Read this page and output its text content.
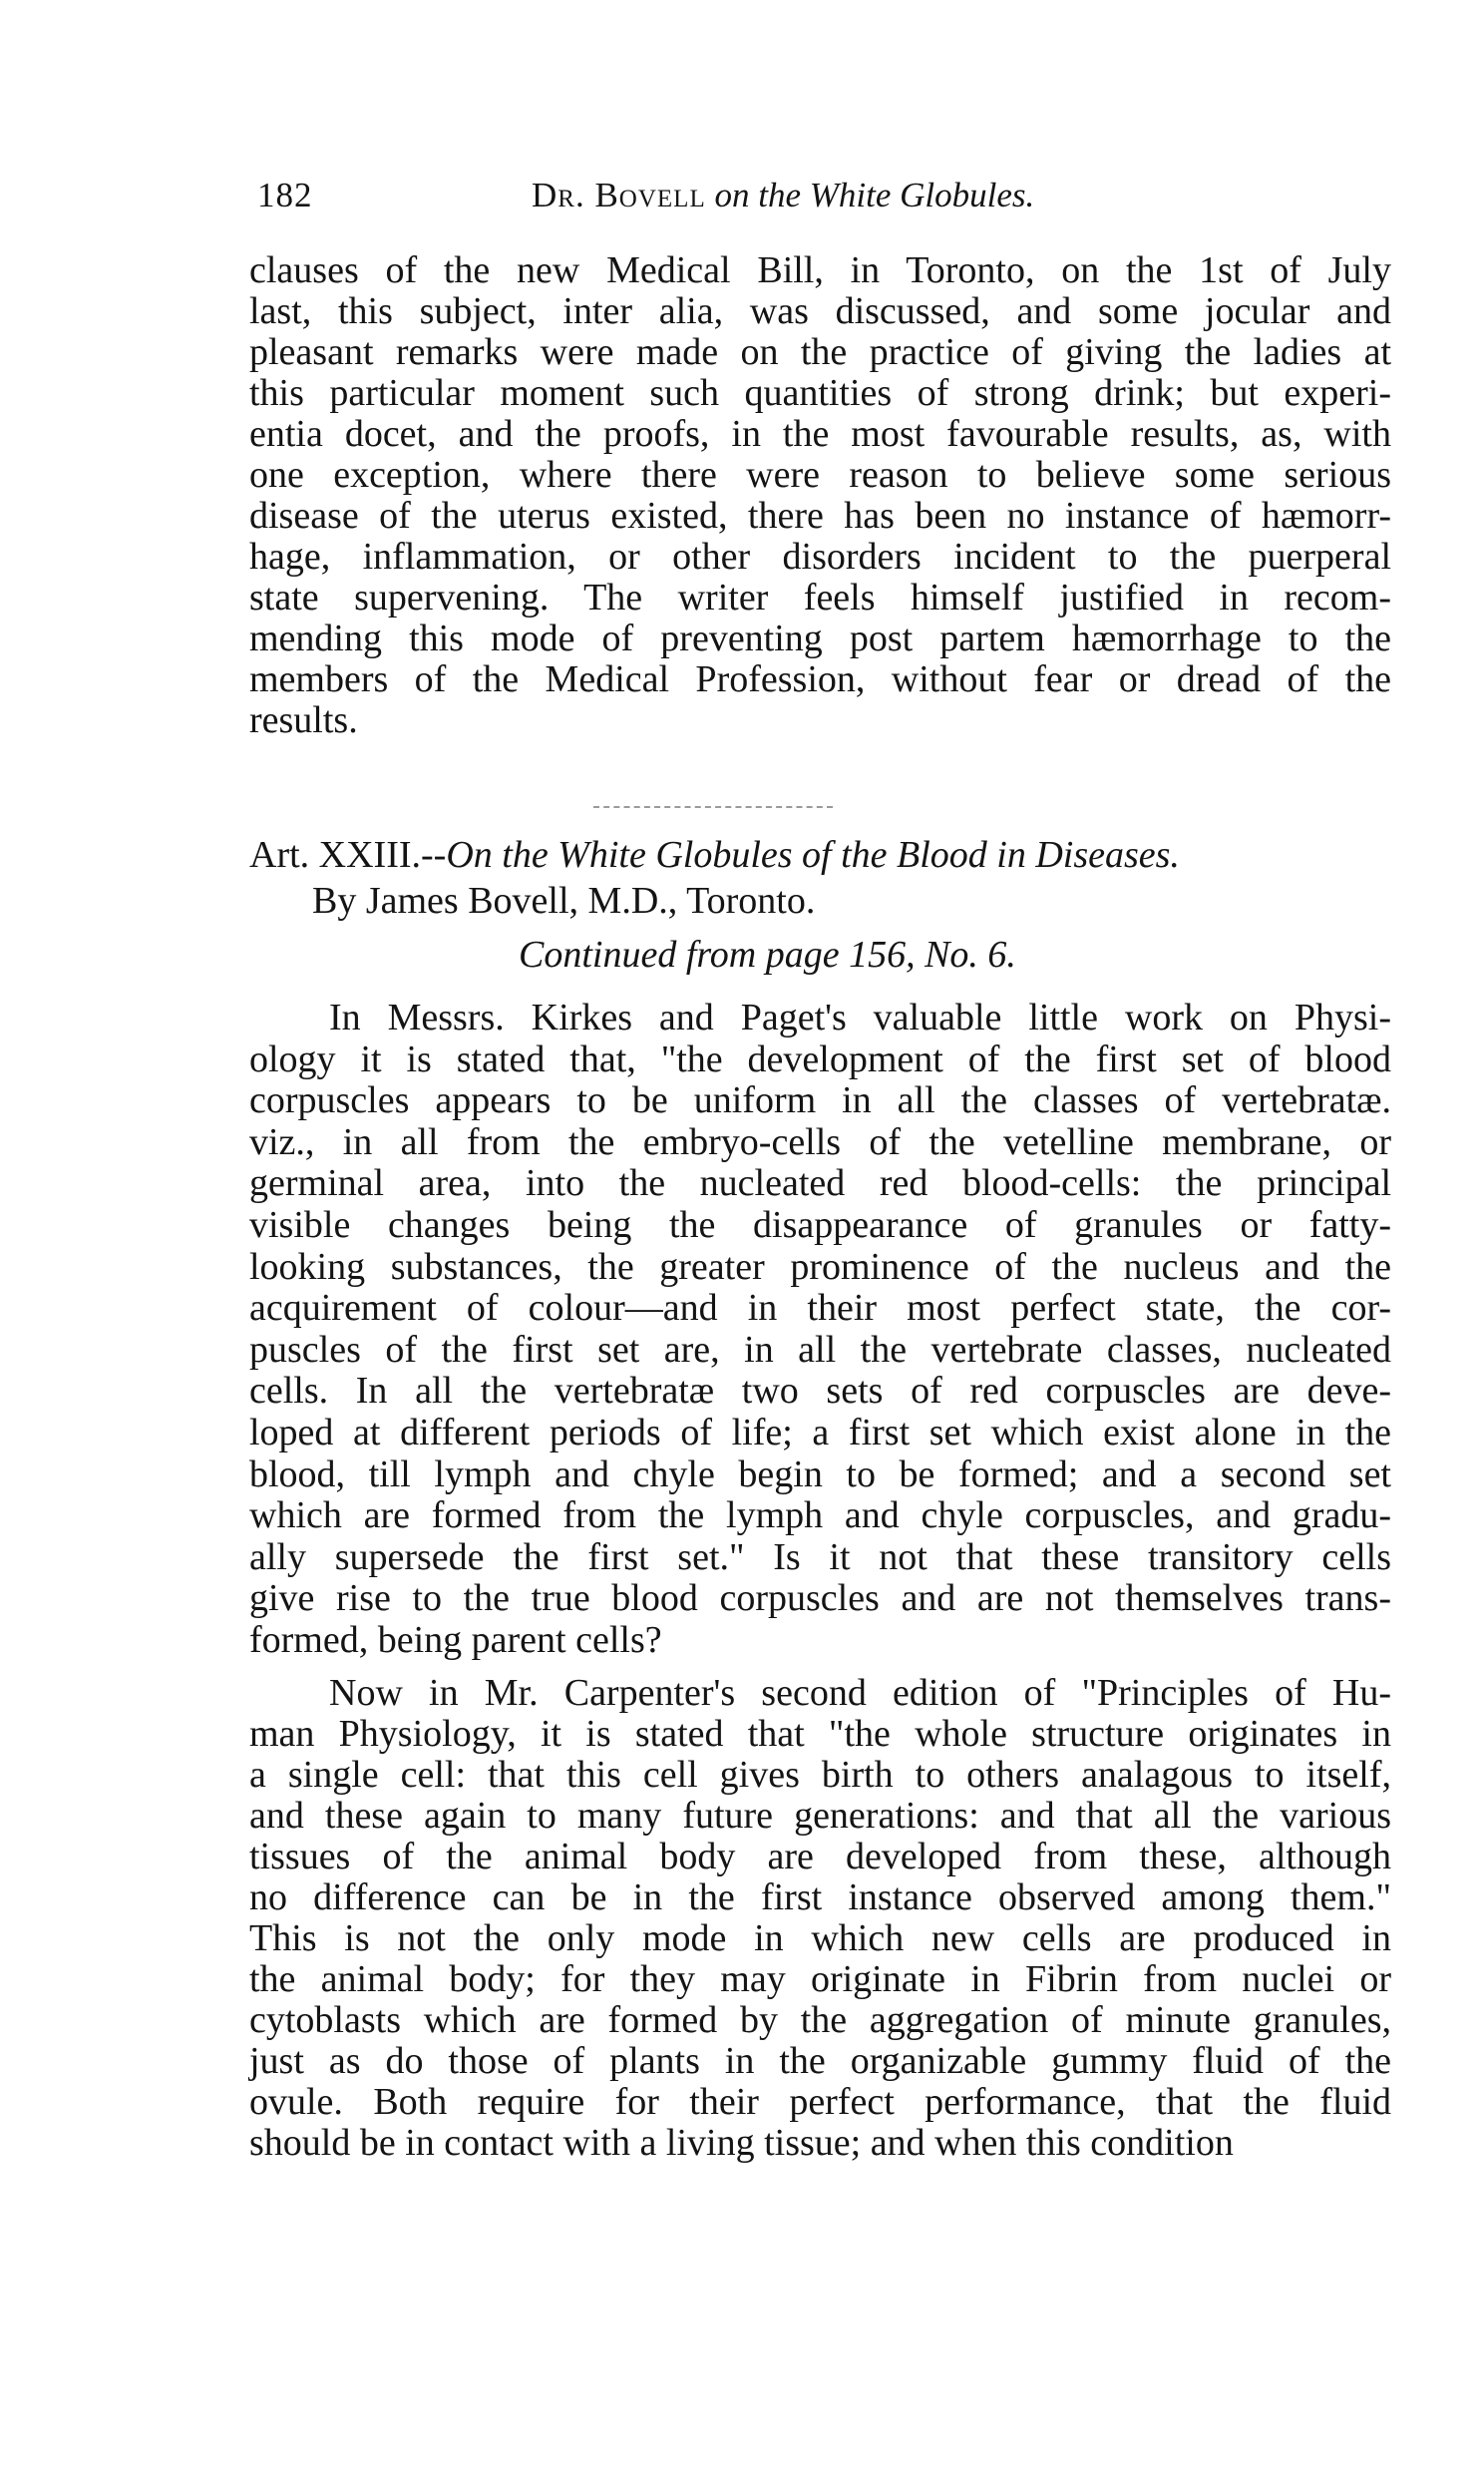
182	Dr. Bovell on the White Globules.
clauses of the new Medical Bill, in Toronto, on the 1st of July
last, this subject, inter alia, was discussed, and some jocular and
pleasant remarks were made on the practice of giving the ladies at
this particular moment such quantities of strong drink; but experi-
entia docet, and the proofs, in the most favourable results, as, with
one exception, where there were reason to believe some serious
disease of the uterus existed, there has been no instance of hæmorr-
hage, inflammation, or other disorders incident to the puerperal
state supervening. The writer feels himself justified in recom-
mending this mode of preventing post partem hæmorrhage to the
members of the Medical Profession, without fear or dread of the
results.
Art. XXIII.--On the White Globules of the Blood in Diseases.
By James Bovell, M.D., Toronto.
Continued from page 156, No. 6.
In Messrs. Kirkes and Paget's valuable little work on Physi-
ology it is stated that, "the development of the first set of blood
corpuscles appears to be uniform in all the classes of vertebratæ.
viz., in all from the embryo-cells of the vetelline membrane, or
germinal area, into the nucleated red blood-cells: the principal
visible changes being the disappearance of granules or fatty-
looking substances, the greater prominence of the nucleus and the
acquirement of colour—and in their most perfect state, the cor-
puscles of the first set are, in all the vertebrate classes, nucleated
cells. In all the vertebratæ two sets of red corpuscles are deve-
loped at different periods of life; a first set which exist alone in the
blood, till lymph and chyle begin to be formed; and a second set
which are formed from the lymph and chyle corpuscles, and gradu-
ally supersede the first set." Is it not that these transitory cells
give rise to the true blood corpuscles and are not themselves trans-
formed, being parent cells?
Now in Mr. Carpenter's second edition of "Principles of Hu-
man Physiology, it is stated that "the whole structure originates in
a single cell: that this cell gives birth to others analagous to itself,
and these again to many future generations: and that all the various
tissues of the animal body are developed from these, although
no difference can be in the first instance observed among them."
This is not the only mode in which new cells are produced in
the animal body; for they may originate in Fibrin from nuclei or
cytoblasts which are formed by the aggregation of minute granules,
just as do those of plants in the organizable gummy fluid of the
ovule. Both require for their perfect performance, that the fluid
should be in contact with a living tissue; and when this condition
